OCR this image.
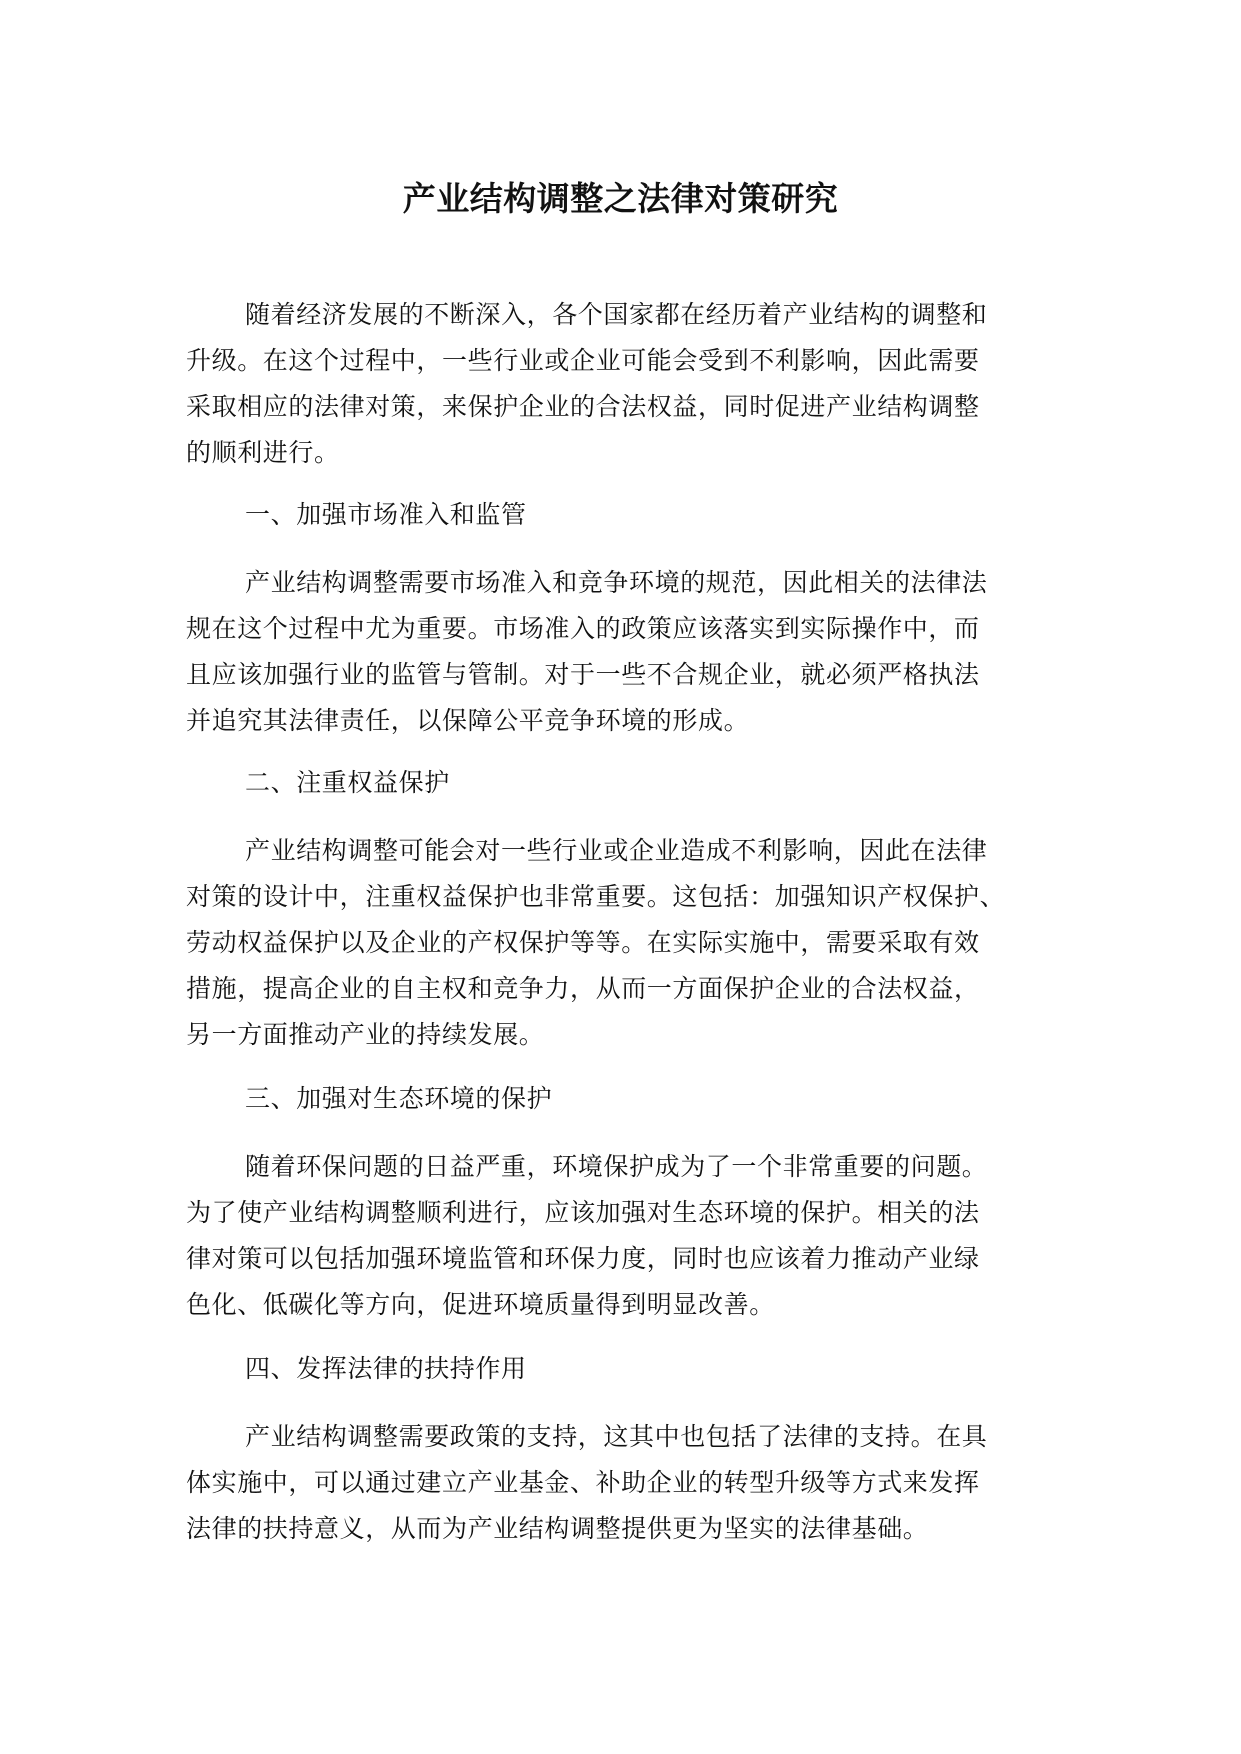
产业结构调整之法律对策研究
随着经济发展的不断深入，各个国家都在经历着产业结构的调整和
升级。在这个过程中，一些行业或企业可能会受到不利影响，因此需要
采取相应的法律对策，来保护企业的合法权益，同时促进产业结构调整
的顺利进行。
一、加强市场准入和监管
产业结构调整需要市场准入和竞争环境的规范，因此相关的法律法
规在这个过程中尤为重要。市场准入的政策应该落实到实际操作中，而
且应该加强行业的监管与管制。对于一些不合规企业，就必须严格执法
并追究其法律责任，以保障公平竞争环境的形成。
二、注重权益保护
产业结构调整可能会对一些行业或企业造成不利影响，因此在法律
对策的设计中，注重权益保护也非常重要。这包括：加强知识产权保护、
劳动权益保护以及企业的产权保护等等。在实际实施中，需要采取有效
措施，提高企业的自主权和竞争力，从而一方面保护企业的合法权益，
另一方面推动产业的持续发展。
三、加强对生态环境的保护
随着环保问题的日益严重，环境保护成为了一个非常重要的问题。
为了使产业结构调整顺利进行，应该加强对生态环境的保护。相关的法
律对策可以包括加强环境监管和环保力度，同时也应该着力推动产业绿
色化、低碳化等方向，促进环境质量得到明显改善。
四、发挥法律的扶持作用
产业结构调整需要政策的支持，这其中也包括了法律的支持。在具
体实施中，可以通过建立产业基金、补助企业的转型升级等方式来发挥
法律的扶持意义，从而为产业结构调整提供更为坚实的法律基础。
